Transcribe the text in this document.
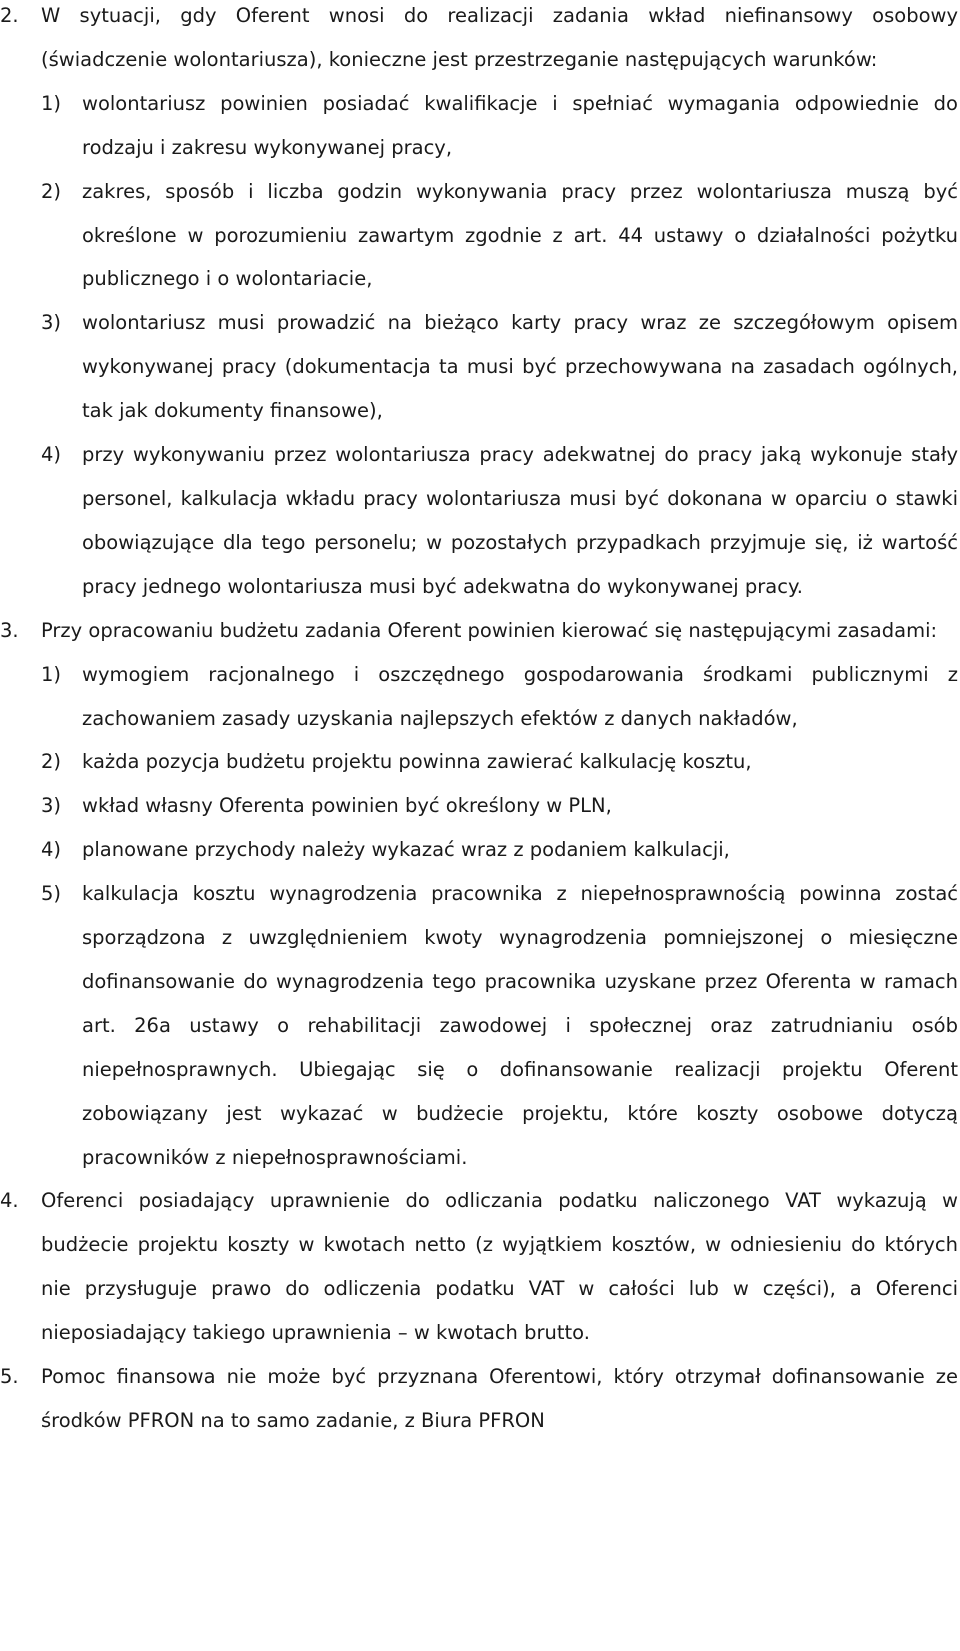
2. W sytuacji, gdy Oferent wnosi do realizacji zadania wkład niefinansowy osobowy (świadczenie wolontariusza), konieczne jest przestrzeganie następujących warunków:

1) wolontariusz powinien posiadać kwalifikacje i spełniać wymagania odpowiednie do rodzaju i zakresu wykonywanej pracy,

2) zakres, sposób i liczba godzin wykonywania pracy przez wolontariusza muszą być określone w porozumieniu zawartym zgodnie z art. 44 ustawy o działalności pożytku publicznego i o wolontariacie,

3) wolontariusz musi prowadzić na bieżąco karty pracy wraz ze szczegółowym opisem wykonywanej pracy (dokumentacja ta musi być przechowywana na zasadach ogólnych, tak jak dokumenty finansowe),

4) przy wykonywaniu przez wolontariusza pracy adekwatnej do pracy jaką wykonuje stały personel, kalkulacja wkładu pracy wolontariusza musi być dokonana w oparciu o stawki obowiązujące dla tego personelu; w pozostałych przypadkach przyjmuje się, iż wartość pracy jednego wolontariusza musi być adekwatna do wykonywanej pracy.

3. Przy opracowaniu budżetu zadania Oferent powinien kierować się następującymi zasadami:

1) wymogiem racjonalnego i oszczędnego gospodarowania środkami publicznymi z zachowaniem zasady uzyskania najlepszych efektów z danych nakładów,

2) każda pozycja budżetu projektu powinna zawierać kalkulację kosztu,

3) wkład własny Oferenta powinien być określony w PLN,

4) planowane przychody należy wykazać wraz z podaniem kalkulacji,

5) kalkulacja kosztu wynagrodzenia pracownika z niepełnosprawnością powinna zostać sporządzona z uwzględnieniem kwoty wynagrodzenia pomniejszonej o miesięczne dofinansowanie do wynagrodzenia tego pracownika uzyskane przez Oferenta w ramach art. 26a ustawy o rehabilitacji zawodowej i społecznej oraz zatrudnianiu osób niepełnosprawnych. Ubiegając się o dofinansowanie realizacji projektu Oferent zobowiązany jest wykazać w budżecie projektu, które koszty osobowe dotyczą pracowników z niepełnosprawnościami.

4. Oferenci posiadający uprawnienie do odliczania podatku naliczonego VAT wykazują w budżecie projektu koszty w kwotach netto (z wyjątkiem kosztów, w odniesieniu do których nie przysługuje prawo do odliczenia podatku VAT w całości lub w części), a Oferenci nieposiadający takiego uprawnienia – w kwotach brutto.

5. Pomoc finansowa nie może być przyznana Oferentowi, który otrzymał dofinansowanie ze środków PFRON na to samo zadanie, z Biura PFRON
